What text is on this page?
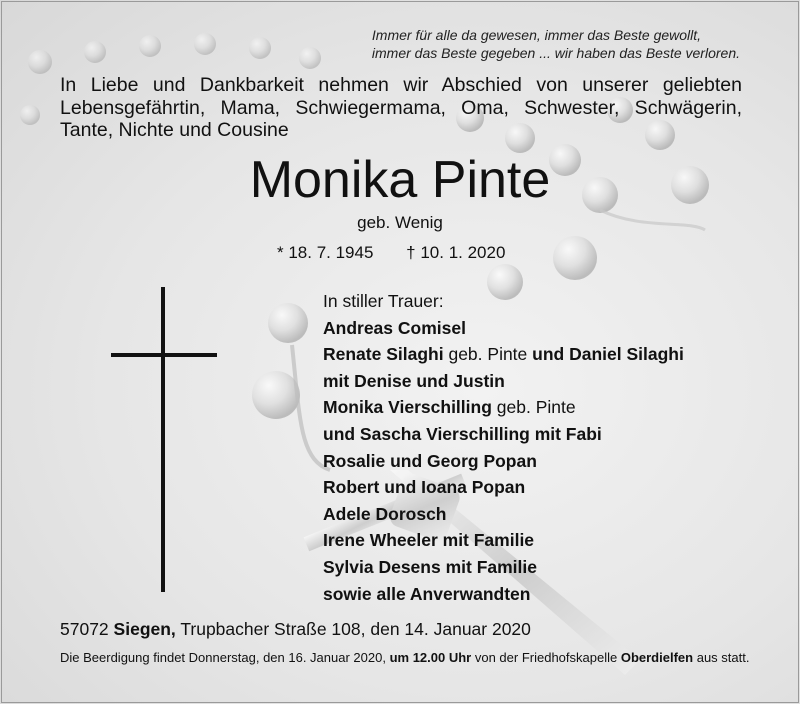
Immer für alle da gewesen, immer das Beste gewollt,
immer das Beste gegeben ... wir haben das Beste verloren.
In Liebe und Dankbarkeit nehmen wir Abschied von unserer geliebten Lebensgefährtin, Mama, Schwiegermama, Oma, Schwester, Schwägerin, Tante, Nichte und Cousine
Monika Pinte
geb. Wenig
* 18. 7. 1945 † 10. 1. 2020
In stiller Trauer:
Andreas Comisel
Renate Silaghi geb. Pinte und Daniel Silaghi
mit Denise und Justin
Monika Vierschilling geb. Pinte
und Sascha Vierschilling mit Fabi
Rosalie und Georg Popan
Robert und Ioana Popan
Adele Dorosch
Irene Wheeler mit Familie
Sylvia Desens mit Familie
sowie alle Anverwandten
57072 Siegen, Trupbacher Straße 108, den 14. Januar 2020
Die Beerdigung findet Donnerstag, den 16. Januar 2020, um 12.00 Uhr von der Friedhofskapelle Oberdielfen aus statt.
